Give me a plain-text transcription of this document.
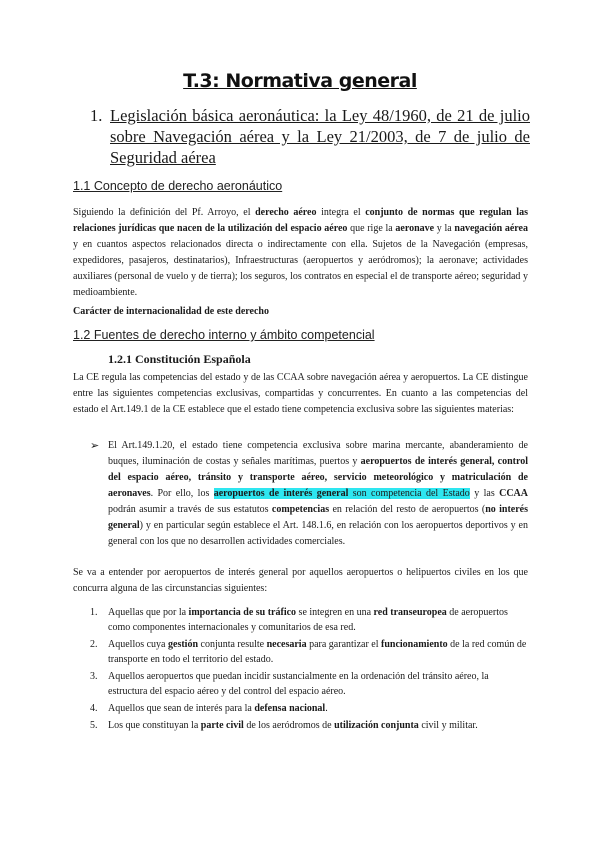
T.3: Normativa general
1. Legislación básica aeronáutica: la Ley 48/1960, de 21 de julio sobre Navegación aérea y la Ley 21/2003, de 7 de julio de Seguridad aérea
1.1 Concepto de derecho aeronáutico
Siguiendo la definición del Pf. Arroyo, el derecho aéreo integra el conjunto de normas que regulan las relaciones jurídicas que nacen de la utilización del espacio aéreo que rige la aeronave y la navegación aérea y en cuantos aspectos relacionados directa o indirectamente con ella. Sujetos de la Navegación (empresas, expedidores, pasajeros, destinatarios), Infraestructuras (aeropuertos y aeródromos); la aeronave; actividades auxiliares (personal de vuelo y de tierra); los seguros, los contratos en especial el de transporte aéreo; seguridad y medioambiente.
Carácter de internacionalidad de este derecho
1.2 Fuentes de derecho interno y ámbito competencial
1.2.1 Constitución Española
La CE regula las competencias del estado y de las CCAA sobre navegación aérea y aeropuertos. La CE distingue entre las siguientes competencias exclusivas, compartidas y concurrentes. En cuanto a las competencias del estado el Art.149.1 de la CE establece que el estado tiene competencia exclusiva sobre las siguientes materias:
➢ El Art.149.1.20, el estado tiene competencia exclusiva sobre marina mercante, abanderamiento de buques, iluminación de costas y señales marítimas, puertos y aeropuertos de interés general, control del espacio aéreo, tránsito y transporte aéreo, servicio meteorológico y matriculación de aeronaves. Por ello, los aeropuertos de interés general son competencia del Estado y las CCAA podrán asumir a través de sus estatutos competencias en relación del resto de aeropuertos (no interés general) y en particular según establece el Art. 148.1.6, en relación con los aeropuertos deportivos y en general con los que no desarrollen actividades comerciales.
Se va a entender por aeropuertos de interés general por aquellos aeropuertos o helipuertos civiles en los que concurra alguna de las circunstancias siguientes:
1. Aquellas que por la importancia de su tráfico se integren en una red transeuropea de aeropuertos como componentes internacionales y comunitarios de esa red.
2. Aquellos cuya gestión conjunta resulte necesaria para garantizar el funcionamiento de la red común de transporte en todo el territorio del estado.
3. Aquellos aeropuertos que puedan incidir sustancialmente en la ordenación del tránsito aéreo, la estructura del espacio aéreo y del control del espacio aéreo.
4. Aquellos que sean de interés para la defensa nacional.
5. Los que constituyan la parte civil de los aeródromos de utilización conjunta civil y militar.
